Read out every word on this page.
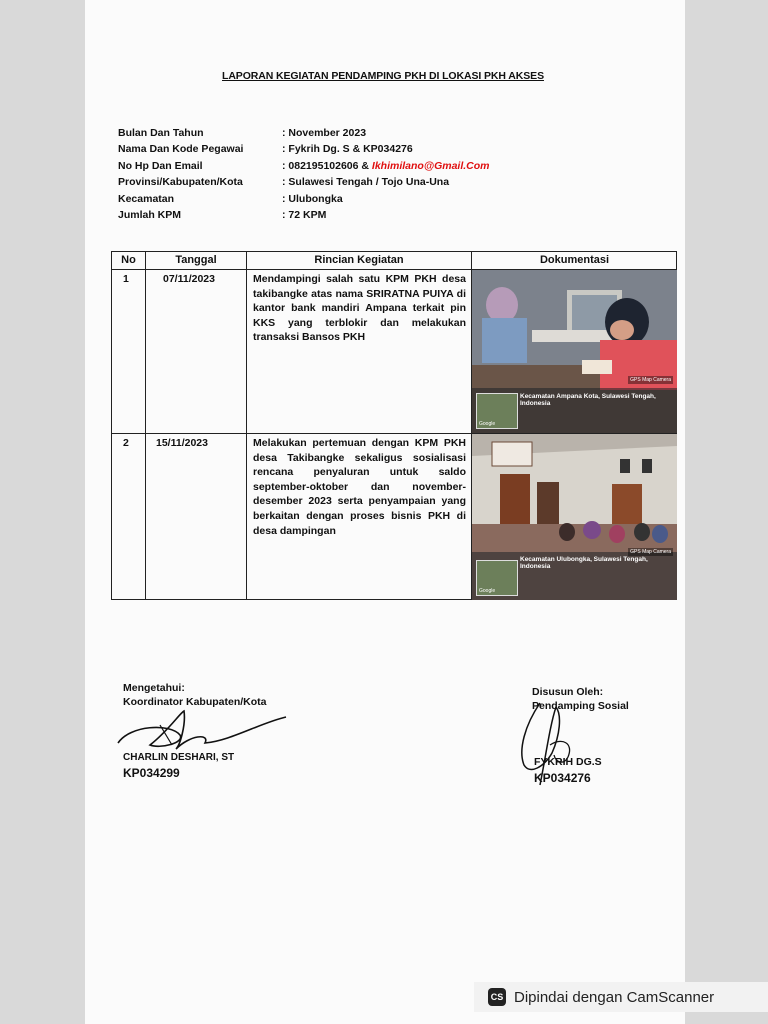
LAPORAN KEGIATAN PENDAMPING PKH DI LOKASI PKH AKSES
Bulan Dan Tahun	: November 2023
Nama Dan Kode Pegawai	: Fykrih Dg. S & KP034276
No Hp Dan Email	: 082195102606 & Ikhimilano@Gmail.Com
Provinsi/Kabupaten/Kota	: Sulawesi Tengah / Tojo Una-Una
Kecamatan	: Ulubongka
Jumlah KPM	: 72 KPM
No	Tanggal	Rincian Kegiatan	Dokumentasi
1	07/11/2023	Mendampingi salah satu KPM PKH desa takibangke atas nama SRIRATNA PUIYA di kantor bank mandiri Ampana terkait pin KKS yang terblokir dan melakukan transaksi Bansos PKH
GPS Map Camera
Google
Kecamatan Ampana Kota, Sulawesi Tengah, Indonesia
2	15/11/2023	Melakukan pertemuan dengan KPM PKH desa Takibangke sekaligus sosialisasi rencana penyaluran untuk saldo september-oktober dan november-desember 2023 serta penyampaian yang berkaitan dengan proses bisnis PKH di desa dampingan
GPS Map Camera
Google
Kecamatan Ulubongka, Sulawesi Tengah, Indonesia
Mengetahui:
Koordinator Kabupaten/Kota
CHARLIN DESHARI, ST
KP034299
Disusun Oleh:
Pendamping Sosial
FYKRIH DG.S
KP034276
CS Dipindai dengan CamScanner
